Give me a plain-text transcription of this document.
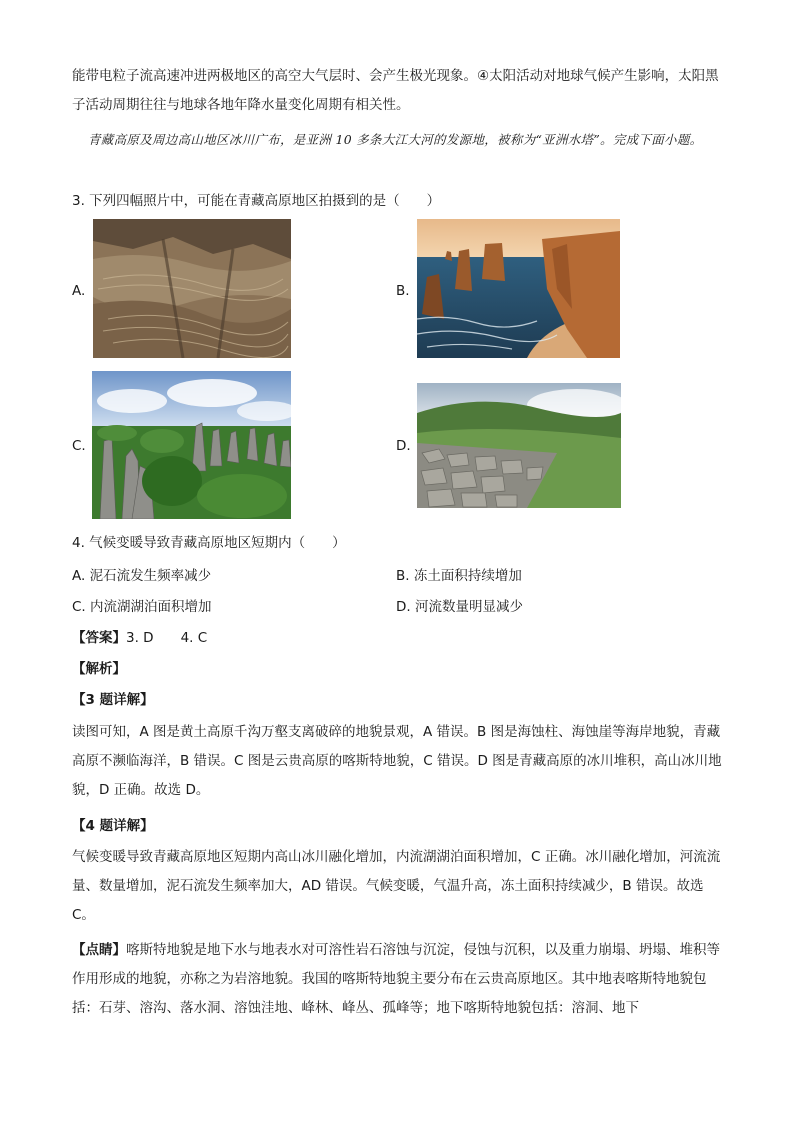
能带电粒子流高速冲进两极地区的高空大气层时、会产生极光现象。④太阳活动对地球气候产生影响，太阳黑子活动周期往往与地球各地年降水量变化周期有相关性。

青藏高原及周边高山地区冰川广布，是亚洲 10 多条大江大河的发源地，被称为“亚洲水塔”。完成下面小题。

3. 下列四幅照片中，可能在青藏高原地区拍摄到的是（　　）

A.	B.
C.	D.

4. 气候变暖导致青藏高原地区短期内（　　）

A. 泥石流发生频率减少	B. 冻土面积持续增加
C. 内流湖湖泊面积增加	D. 河流数量明显减少

【答案】3. D　　4. C

【解析】

【3 题详解】

读图可知，A 图是黄土高原千沟万壑支离破碎的地貌景观，A 错误。B 图是海蚀柱、海蚀崖等海岸地貌，青藏高原不濒临海洋，B 错误。C 图是云贵高原的喀斯特地貌，C 错误。D 图是青藏高原的冰川堆积，高山冰川地貌，D 正确。故选 D。

【4 题详解】

气候变暖导致青藏高原地区短期内高山冰川融化增加，内流湖湖泊面积增加，C 正确。冰川融化增加，河流流量、数量增加，泥石流发生频率加大，AD 错误。气候变暖，气温升高，冻土面积持续减少，B 错误。故选 C。

【点睛】喀斯特地貌是地下水与地表水对可溶性岩石溶蚀与沉淀，侵蚀与沉积，以及重力崩塌、坍塌、堆积等作用形成的地貌，亦称之为岩溶地貌。我国的喀斯特地貌主要分布在云贵高原地区。其中地表喀斯特地貌包括：石芽、溶沟、落水洞、溶蚀洼地、峰林、峰丛、孤峰等；地下喀斯特地貌包括：溶洞、地下
